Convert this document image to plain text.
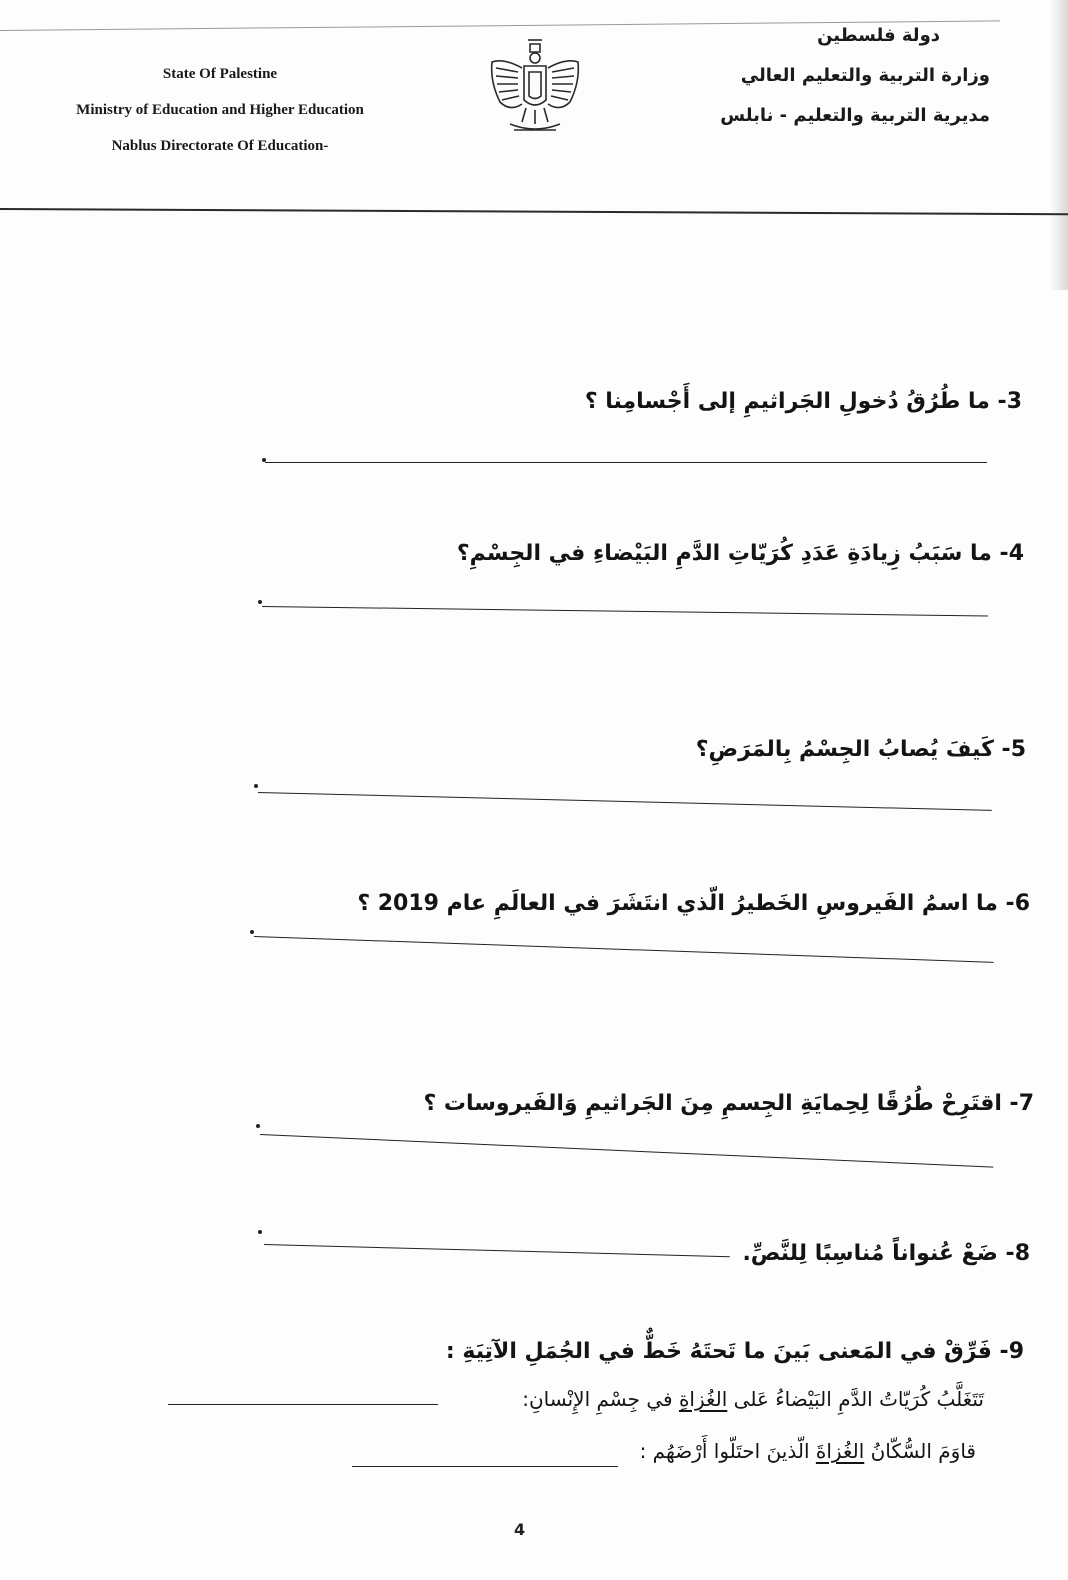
State Of Palestine
Ministry of Education and Higher Education
Nablus Directorate Of Education-
دولة فلسطين
وزارة التربية والتعليم العالي
مديرية التربية والتعليم - نابلس
3- ما طُرُقُ دُخولِ الجَراثيمِ إلى أَجْسامِنا ؟
4- ما سَبَبُ زِيادَةِ عَدَدِ كُرَيّاتِ الدَّمِ البَيْضاءِ في الجِسْمِ؟
5- كَيفَ يُصابُ الجِسْمُ بِالمَرَضِ؟
6- ما اسمُ الفَيروسِ الخَطيرُ الّذي انتَشَرَ في العالَمِ عام 2019 ؟
7- اقتَرِحْ طُرُقًا لِحِمايَةِ الجِسمِ مِنَ الجَراثيمِ وَالفَيروسات ؟
8- ضَعْ عُنواناً مُناسِبًا لِلنَّصِّ.
9- فَرِّقْ في المَعنى بَينَ ما تَحتَهُ خَطٌّ في الجُمَلِ الآتِيَةِ :
تَتَغَلَّبُ كُرَيّاتُ الدَّمِ البَيْضاءُ عَلى الغُزاةِ في جِسْمِ الإِنْسانِ:
قاوَمَ السُّكّانُ الغُزاةَ الّذينَ احتَلّوا أَرْضَهُم :
4
